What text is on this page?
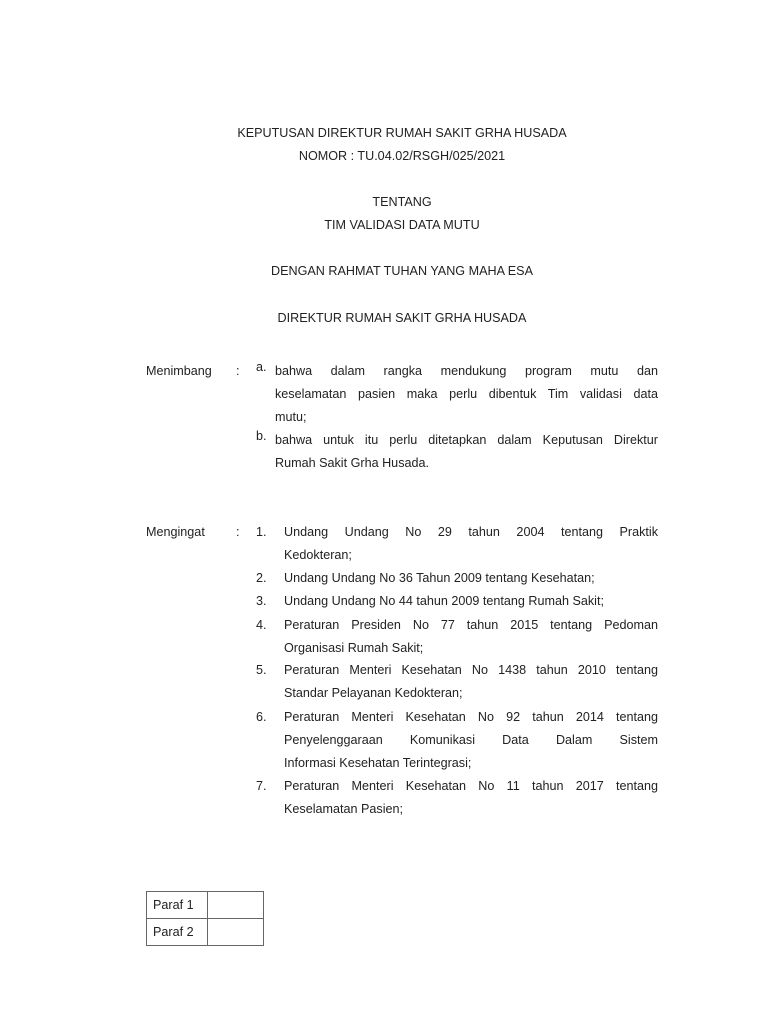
KEPUTUSAN DIREKTUR RUMAH SAKIT GRHA HUSADA
NOMOR : TU.04.02/RSGH/025/2021
TENTANG
TIM VALIDASI DATA MUTU
DENGAN RAHMAT TUHAN YANG MAHA ESA
DIREKTUR RUMAH SAKIT GRHA HUSADA
Menimbang : a. bahwa dalam rangka mendukung program mutu dan
keselamatan pasien maka perlu dibentuk Tim validasi data
mutu;
b. bahwa untuk itu perlu ditetapkan dalam Keputusan Direktur
Rumah Sakit Grha Husada.
Mengingat : 1. Undang Undang No 29 tahun 2004 tentang Praktik
Kedokteran;
2. Undang Undang No 36 Tahun 2009 tentang Kesehatan;
3. Undang Undang No 44 tahun 2009 tentang Rumah Sakit;
4. Peraturan Presiden No 77 tahun 2015 tentang Pedoman
Organisasi Rumah Sakit;
5. Peraturan Menteri Kesehatan No 1438 tahun 2010 tentang
Standar Pelayanan Kedokteran;
6. Peraturan Menteri Kesehatan No 92 tahun 2014 tentang
Penyelenggaraan Komunikasi Data Dalam Sistem
Informasi Kesehatan Terintegrasi;
7. Peraturan Menteri Kesehatan No 11 tahun 2017 tentang
Keselamatan Pasien;
Paraf 1	
Paraf 2	
